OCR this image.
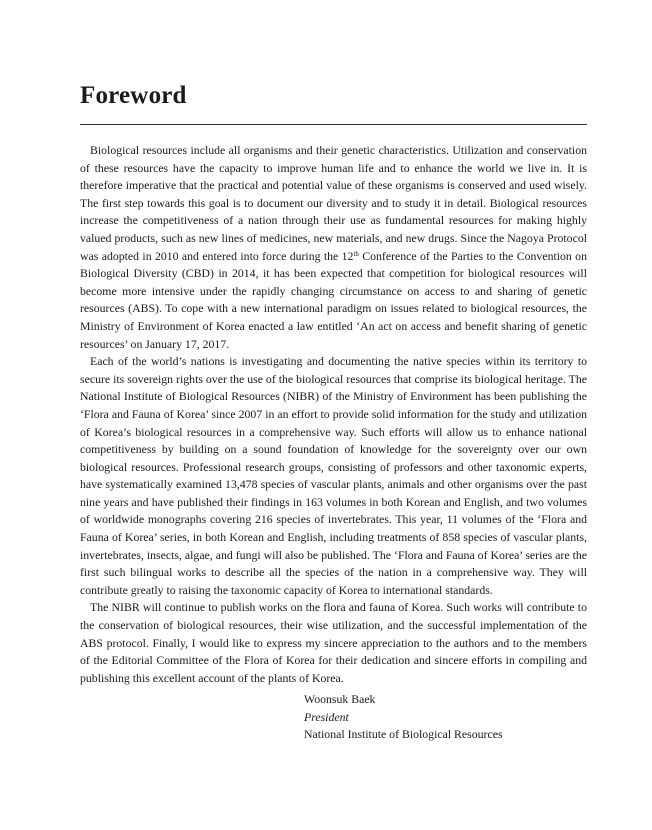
Foreword

Biological resources include all organisms and their genetic characteristics. Utilization and conservation of these resources have the capacity to improve human life and to enhance the world we live in. It is therefore imperative that the practical and potential value of these organisms is conserved and used wisely. The first step towards this goal is to document our diversity and to study it in detail. Biological resources increase the competitiveness of a nation through their use as fundamental resources for making highly valued products, such as new lines of medicines, new materials, and new drugs. Since the Nagoya Protocol was adopted in 2010 and entered into force during the 12th Conference of the Parties to the Convention on Biological Diversity (CBD) in 2014, it has been expected that competition for biological resources will become more intensive under the rapidly changing circumstance on access to and sharing of genetic resources (ABS). To cope with a new international paradigm on issues related to biological resources, the Ministry of Environment of Korea enacted a law entitled ‘An act on access and benefit sharing of genetic resources’ on January 17, 2017.

Each of the world’s nations is investigating and documenting the native species within its territory to secure its sovereign rights over the use of the biological resources that comprise its biological heritage. The National Institute of Biological Resources (NIBR) of the Ministry of Environment has been publishing the ‘Flora and Fauna of Korea’ since 2007 in an effort to provide solid information for the study and utilization of Korea’s biological resources in a comprehensive way. Such efforts will allow us to enhance national competitiveness by building on a sound foundation of knowledge for the sovereignty over our own biological resources. Professional research groups, consisting of professors and other taxonomic experts, have systematically examined 13,478 species of vascular plants, animals and other organisms over the past nine years and have published their findings in 163 volumes in both Korean and English, and two volumes of worldwide monographs covering 216 species of invertebrates. This year, 11 volumes of the ‘Flora and Fauna of Korea’ series, in both Korean and English, including treatments of 858 species of vascular plants, invertebrates, insects, algae, and fungi will also be published. The ‘Flora and Fauna of Korea’ series are the first such bilingual works to describe all the species of the nation in a comprehensive way. They will contribute greatly to raising the taxonomic capacity of Korea to international standards.

The NIBR will continue to publish works on the flora and fauna of Korea. Such works will contribute to the conservation of biological resources, their wise utilization, and the successful implementation of the ABS protocol. Finally, I would like to express my sincere appreciation to the authors and to the members of the Editorial Committee of the Flora of Korea for their dedication and sincere efforts in compiling and publishing this excellent account of the plants of Korea.

Woonsuk Baek
President
National Institute of Biological Resources
